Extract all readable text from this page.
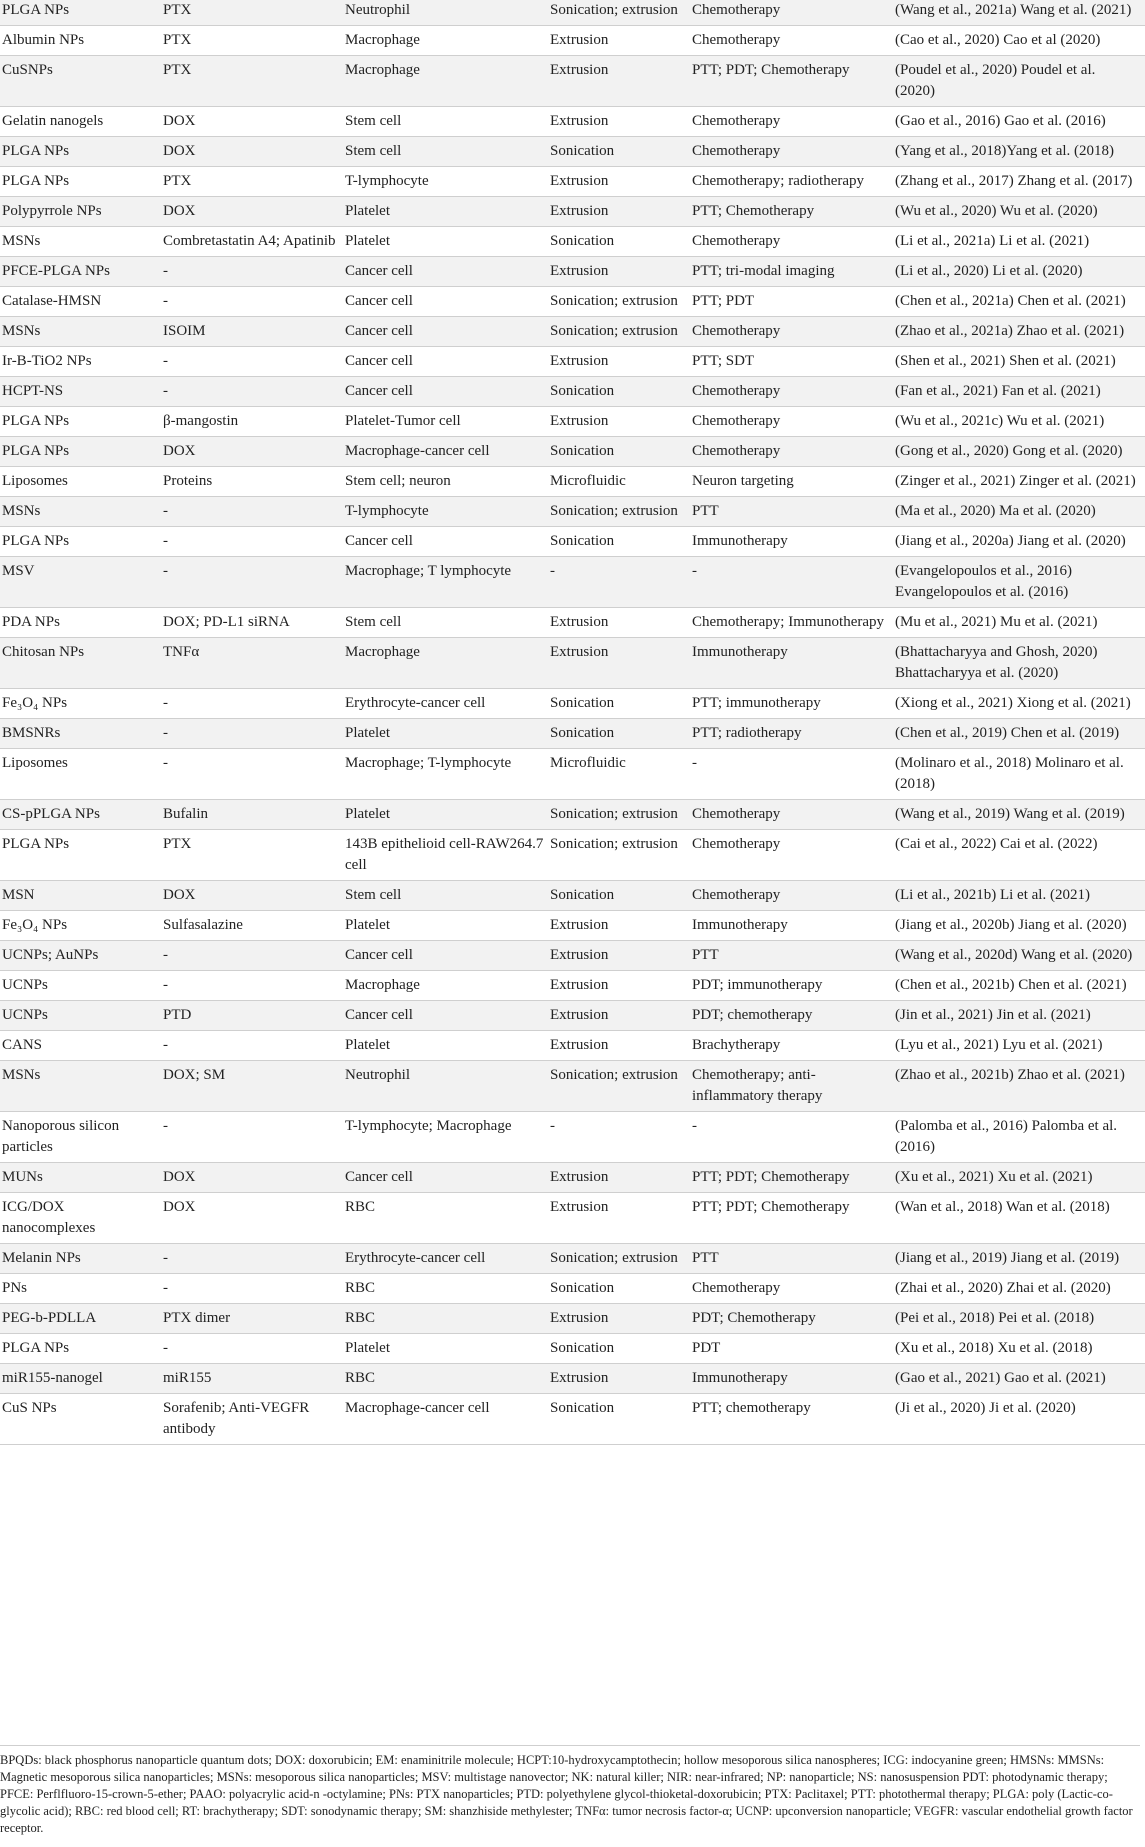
PLGA NPs	PTX	Neutrophil	Sonication; extrusion	Chemotherapy	(Wang et al., 2021a) Wang et al. (2021)
Albumin NPs	PTX	Macrophage	Extrusion	Chemotherapy	(Cao et al., 2020) Cao et al (2020)
CuSNPs	PTX	Macrophage	Extrusion	PTT; PDT; Chemotherapy	(Poudel et al., 2020) Poudel et al. (2020)
Gelatin nanogels	DOX	Stem cell	Extrusion	Chemotherapy	(Gao et al., 2016) Gao et al. (2016)
PLGA NPs	DOX	Stem cell	Sonication	Chemotherapy	(Yang et al., 2018)Yang et al. (2018)
PLGA NPs	PTX	T-lymphocyte	Extrusion	Chemotherapy; radiotherapy	(Zhang et al., 2017) Zhang et al. (2017)
Polypyrrole NPs	DOX	Platelet	Extrusion	PTT; Chemotherapy	(Wu et al., 2020) Wu et al. (2020)
MSNs	Combretastatin A4; Apatinib	Platelet	Sonication	Chemotherapy	(Li et al., 2021a) Li et al. (2021)
PFCE-PLGA NPs	-	Cancer cell	Extrusion	PTT; tri-modal imaging	(Li et al., 2020) Li et al. (2020)
Catalase-HMSN	-	Cancer cell	Sonication; extrusion	PTT; PDT	(Chen et al., 2021a) Chen et al. (2021)
MSNs	ISOIM	Cancer cell	Sonication; extrusion	Chemotherapy	(Zhao et al., 2021a) Zhao et al. (2021)
Ir-B-TiO2 NPs	-	Cancer cell	Extrusion	PTT; SDT	(Shen et al., 2021) Shen et al. (2021)
HCPT-NS	-	Cancer cell	Sonication	Chemotherapy	(Fan et al., 2021) Fan et al. (2021)
PLGA NPs	β-mangostin	Platelet-Tumor cell	Extrusion	Chemotherapy	(Wu et al., 2021c) Wu et al. (2021)
PLGA NPs	DOX	Macrophage-cancer cell	Sonication	Chemotherapy	(Gong et al., 2020) Gong et al. (2020)
Liposomes	Proteins	Stem cell; neuron	Microfluidic	Neuron targeting	(Zinger et al., 2021) Zinger et al. (2021)
MSNs	-	T-lymphocyte	Sonication; extrusion	PTT	(Ma et al., 2020) Ma et al. (2020)
PLGA NPs	-	Cancer cell	Sonication	Immunotherapy	(Jiang et al., 2020a) Jiang et al. (2020)
MSV	-	Macrophage; T lymphocyte	-	-	(Evangelopoulos et al., 2016) Evangelopoulos et al. (2016)
PDA NPs	DOX; PD-L1 siRNA	Stem cell	Extrusion	Chemotherapy; Immunotherapy	(Mu et al., 2021) Mu et al. (2021)
Chitosan NPs	TNFα	Macrophage	Extrusion	Immunotherapy	(Bhattacharyya and Ghosh, 2020) Bhattacharyya et al. (2020)
Fe₃O₄ NPs	-	Erythrocyte-cancer cell	Sonication	PTT; immunotherapy	(Xiong et al., 2021) Xiong et al. (2021)
BMSNRs	-	Platelet	Sonication	PTT; radiotherapy	(Chen et al., 2019) Chen et al. (2019)
Liposomes	-	Macrophage; T-lymphocyte	Microfluidic	-	(Molinaro et al., 2018) Molinaro et al. (2018)
CS-pPLGA NPs	Bufalin	Platelet	Sonication; extrusion	Chemotherapy	(Wang et al., 2019) Wang et al. (2019)
PLGA NPs	PTX	143B epithelioid cell-RAW264.7 cell	Sonication; extrusion	Chemotherapy	(Cai et al., 2022) Cai et al. (2022)
MSN	DOX	Stem cell	Sonication	Chemotherapy	(Li et al., 2021b) Li et al. (2021)
Fe₃O₄ NPs	Sulfasalazine	Platelet	Extrusion	Immunotherapy	(Jiang et al., 2020b) Jiang et al. (2020)
UCNPs; AuNPs	-	Cancer cell	Extrusion	PTT	(Wang et al., 2020d) Wang et al. (2020)
UCNPs	-	Macrophage	Extrusion	PDT; immunotherapy	(Chen et al., 2021b) Chen et al. (2021)
UCNPs	PTD	Cancer cell	Extrusion	PDT; chemotherapy	(Jin et al., 2021) Jin et al. (2021)
CANS	-	Platelet	Extrusion	Brachytherapy	(Lyu et al., 2021) Lyu et al. (2021)
MSNs	DOX; SM	Neutrophil	Sonication; extrusion	Chemotherapy; anti-inflammatory therapy	(Zhao et al., 2021b) Zhao et al. (2021)
Nanoporous silicon particles	-	T-lymphocyte; Macrophage	-	-	(Palomba et al., 2016) Palomba et al. (2016)
MUNs	DOX	Cancer cell	Extrusion	PTT; PDT; Chemotherapy	(Xu et al., 2021) Xu et al. (2021)
ICG/DOX nanocomplexes	DOX	RBC	Extrusion	PTT; PDT; Chemotherapy	(Wan et al., 2018) Wan et al. (2018)
Melanin NPs	-	Erythrocyte-cancer cell	Sonication; extrusion	PTT	(Jiang et al., 2019) Jiang et al. (2019)
PNs	-	RBC	Sonication	Chemotherapy	(Zhai et al., 2020) Zhai et al. (2020)
PEG-b-PDLLA	PTX dimer	RBC	Extrusion	PDT; Chemotherapy	(Pei et al., 2018) Pei et al. (2018)
PLGA NPs	-	Platelet	Sonication	PDT	(Xu et al., 2018) Xu et al. (2018)
miR155-nanogel	miR155	RBC	Extrusion	Immunotherapy	(Gao et al., 2021) Gao et al. (2021)
CuS NPs	Sorafenib; Anti-VEGFR antibody	Macrophage-cancer cell	Sonication	PTT; chemotherapy	(Ji et al., 2020) Ji et al. (2020)
BPQDs: black phosphorus nanoparticle quantum dots; DOX: doxorubicin; EM: enaminitrile molecule; HCPT:10-hydroxycamptothecin; hollow mesoporous silica nanospheres; ICG: indocyanine green; HMSNs: MMSNs: Magnetic mesoporous silica nanoparticles; MSNs: mesoporous silica nanoparticles; MSV: multistage nanovector; NK: natural killer; NIR: near-infrared; NP: nanoparticle; NS: nanosuspension PDT: photodynamic therapy; PFCE: Perflfluoro-15-crown-5-ether; PAAO: polyacrylic acid-n -octylamine; PNs: PTX nanoparticles; PTD: polyethylene glycol-thioketal-doxorubicin; PTX: Paclitaxel; PTT: photothermal therapy; PLGA: poly (Lactic-co-glycolic acid); RBC: red blood cell; RT: brachytherapy; SDT: sonodynamic therapy; SM: shanzhiside methylester; TNFα: tumor necrosis factor-α; UCNP: upconversion nanoparticle; VEGFR: vascular endothelial growth factor receptor.
